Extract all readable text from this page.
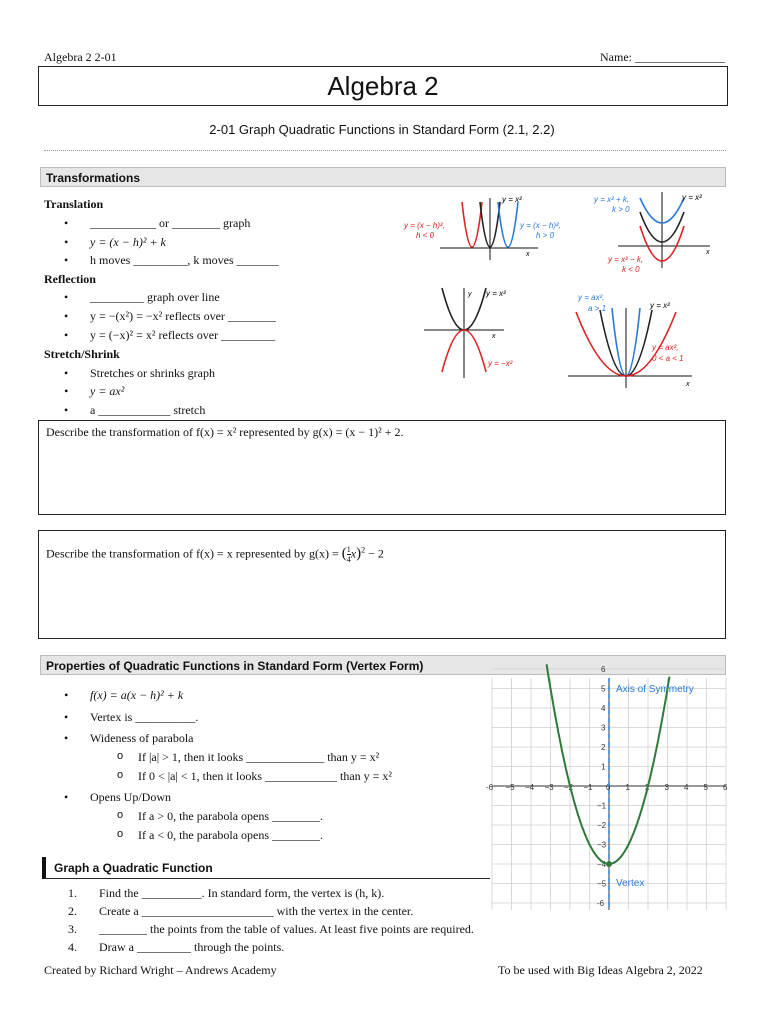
Algebra 2 2-01	Name: _______________
Algebra 2
2-01 Graph Quadratic Functions in Standard Form (2.1, 2.2)
Transformations
Translation
• ___________ or ________ graph
• y = (x − h)² + k
• h moves _________, k moves _______
Reflection
• _________ graph over line
• y = −(x²) = −x² reflects over ________
• y = (−x)² = x² reflects over _________
Stretch/Shrink
• Stretches or shrinks graph
• y = ax²
• a ____________ stretch
y = x²
y = (x − h)²,
h < 0
y = (x − h)²,
h > 0
x
y = x² + k,
k > 0
y = x²
y = x² − k,
k < 0
x
y y = x²
y = −x²
x
y = ax²,
a > 1	y = x²
y = ax²,
0 < a < 1
x
Describe the transformation of f(x) = x² represented by g(x) = (x − 1)² + 2.
Describe the transformation of f(x) = x represented by g(x) = ( $\frac{1}{4} x)^2 - 2$
Properties of Quadratic Functions in Standard Form (Vertex Form)
• f(x) = a(x − h)² + k
• Vertex is __________.
• Wideness of parabola
o If |a| > 1, then it looks _____________ than y = x²
o If 0 < |a| < 1, then it looks ____________ than y = x²
• Opens Up/Down
o If a > 0, the parabola opens ________.
o If a < 0, the parabola opens ________.
-6 −5 −4 −3 −2 −1 0 1 2 3 4 5 6
6
5
4
3
2
1
−1
−2
−3
−4
−5
-6
Axis of Symmetry
Vertex
Graph a Quadratic Function
1. Find the __________. In standard form, the vertex is (h, k).
2. Create a ______________________ with the vertex in the center.
3. ________ the points from the table of values. At least five points are required.
4. Draw a _________ through the points.
Created by Richard Wright – Andrews Academy	To be used with Big Ideas Algebra 2, 2022
